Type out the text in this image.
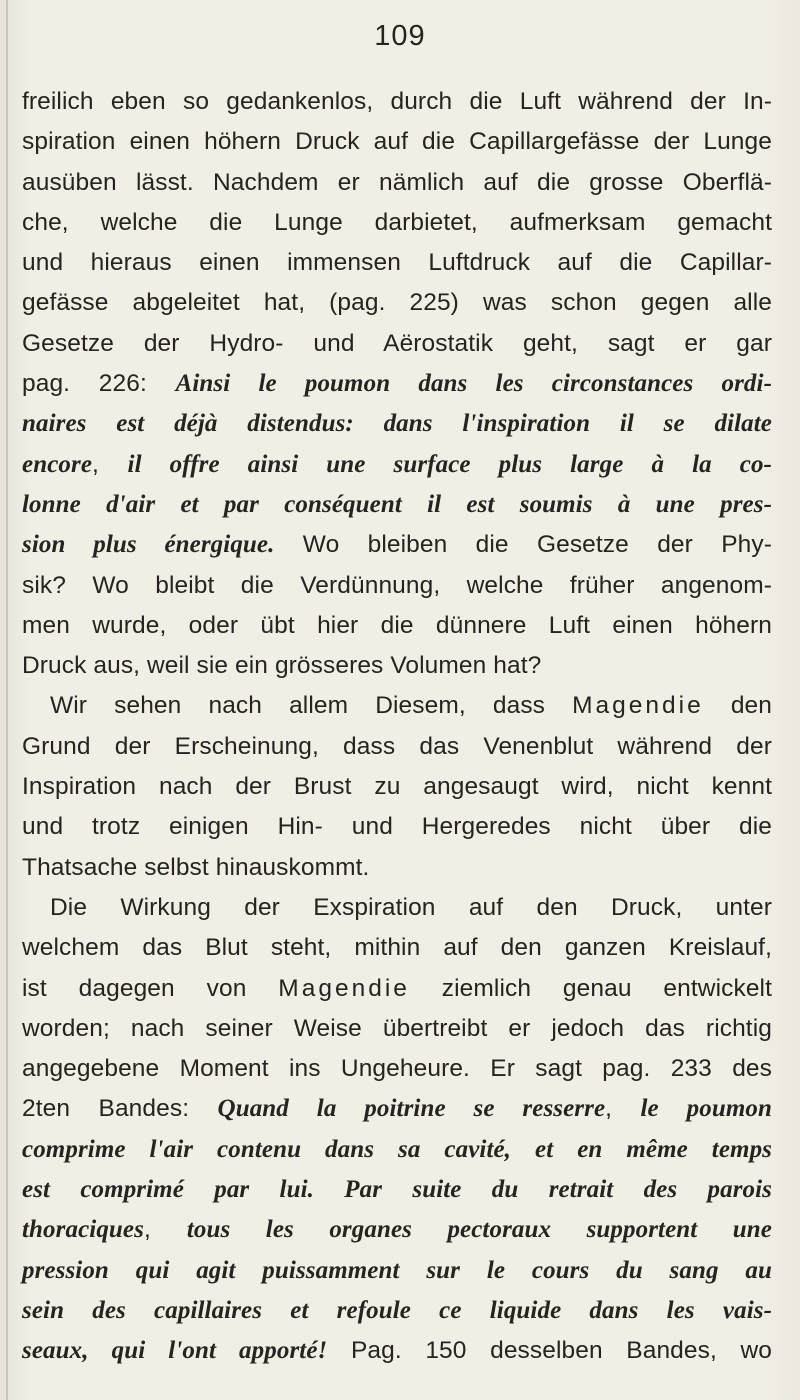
109
freilich eben so gedankenlos, durch die Luft während der In-
spiration einen höhern Druck auf die Capillargefässe der Lunge
ausüben lässt. Nachdem er nämlich auf die grosse Oberflä-
che, welche die Lunge darbietet, aufmerksam gemacht
und hieraus einen immensen Luftdruck auf die Capillar-
gefässe abgeleitet hat, (pag. 225) was schon gegen alle
Gesetze der Hydro- und Aërostatik geht, sagt er gar
pag. 226: Ainsi le poumon dans les circonstances ordi-
naires est déjà distendus: dans l'inspiration il se dilate
encore, il offre ainsi une surface plus large à la co-
lonne d'air et par conséquent il est soumis à une pres-
sion plus énergique. Wo bleiben die Gesetze der Phy-
sik? Wo bleibt die Verdünnung, welche früher angenom-
men wurde, oder übt hier die dünnere Luft einen höhern
Druck aus, weil sie ein grösseres Volumen hat?
Wir sehen nach allem Diesem, dass Magendie den
Grund der Erscheinung, dass das Venenblut während der
Inspiration nach der Brust zu angesaugt wird, nicht kennt
und trotz einigen Hin- und Hergeredes nicht über die
Thatsache selbst hinauskommt.
Die Wirkung der Exspiration auf den Druck, unter
welchem das Blut steht, mithin auf den ganzen Kreislauf,
ist dagegen von Magendie ziemlich genau entwickelt
worden; nach seiner Weise übertreibt er jedoch das richtig
angegebene Moment ins Ungeheure. Er sagt pag. 233 des
2ten Bandes: Quand la poitrine se resserre, le poumon
comprime l'air contenu dans sa cavité, et en même temps
est comprimé par lui. Par suite du retrait des parois
thoraciques, tous les organes pectoraux supportent une
pression qui agit puissamment sur le cours du sang au
sein des capillaires et refoule ce liquide dans les vais-
seaux, qui l'ont apporté! Pag. 150 desselben Bandes, wo
